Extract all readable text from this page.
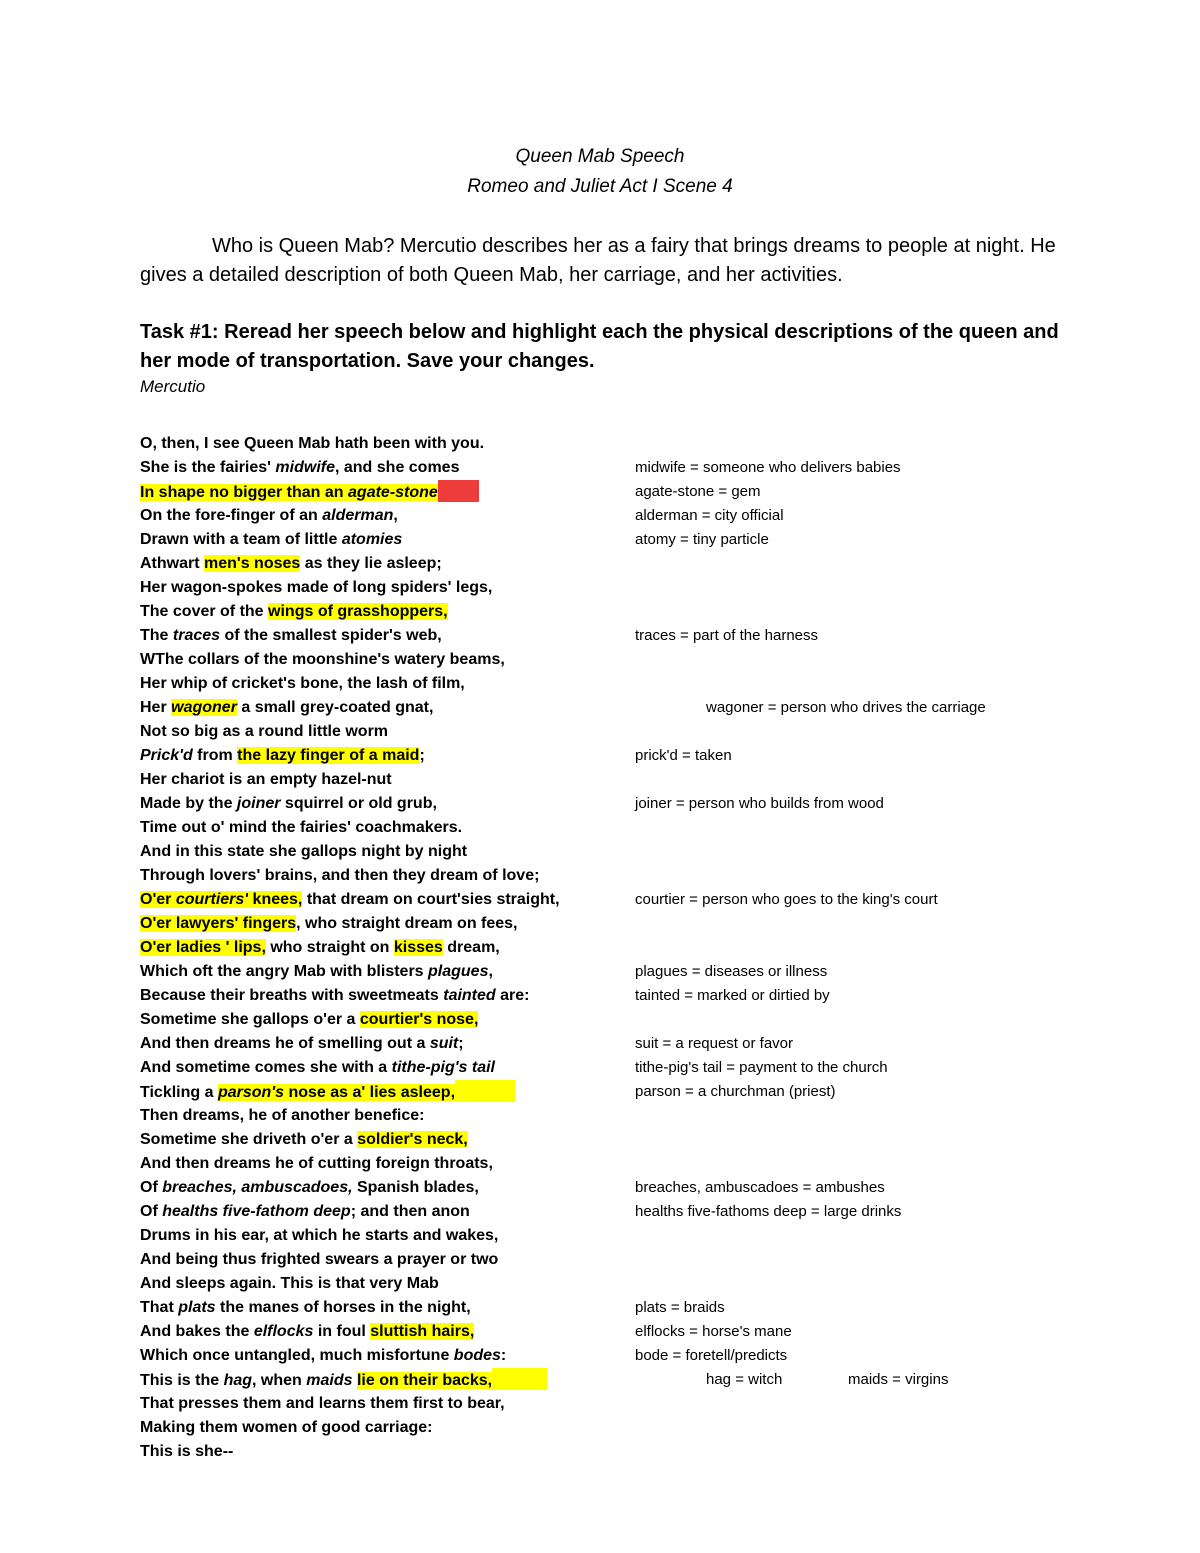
Queen Mab Speech
Romeo and Juliet Act I Scene 4
Who is Queen Mab? Mercutio describes her as a fairy that brings dreams to people at night. He gives a detailed description of both Queen Mab, her carriage, and her activities.
Task #1: Reread her speech below and highlight each the physical descriptions of the queen and her mode of transportation. Save your changes.
Mercutio
O, then, I see Queen Mab hath been with you.
She is the fairies' midwife, and she comes
In shape no bigger than an agate-stone
On the fore-finger of an alderman,
Drawn with a team of little atomies
Athwart men's noses as they lie asleep;
Her wagon-spokes made of long spiders' legs,
The cover of the wings of grasshoppers,
The traces of the smallest spider's web,
WThe collars of the moonshine's watery beams,
Her whip of cricket's bone, the lash of film,
Her wagoner a small grey-coated gnat,
Not so big as a round little worm
Prick'd from the lazy finger of a maid;
Her chariot is an empty hazel-nut
Made by the joiner squirrel or old grub,
Time out o' mind the fairies' coachmakers.
And in this state she gallops night by night
Through lovers' brains, and then they dream of love;
O'er courtiers' knees, that dream on court'sies straight,
O'er lawyers' fingers, who straight dream on fees,
O'er ladies ' lips, who straight on kisses dream,
Which oft the angry Mab with blisters plagues,
Because their breaths with sweetmeats tainted are:
Sometime she gallops o'er a courtier's nose,
And then dreams he of smelling out a suit;
And sometime comes she with a tithe-pig's tail
Tickling a parson's nose as a' lies asleep,
Then dreams, he of another benefice:
Sometime she driveth o'er a soldier's neck,
And then dreams he of cutting foreign throats,
Of breaches, ambuscadoes, Spanish blades,
Of healths five-fathom deep; and then anon
Drums in his ear, at which he starts and wakes,
And being thus frighted swears a prayer or two
And sleeps again. This is that very Mab
That plats the manes of horses in the night,
And bakes the elflocks in foul sluttish hairs,
Which once untangled, much misfortune bodes:
This is the hag, when maids lie on their backs,
That presses them and learns them first to bear,
Making them women of good carriage:
This is she--
midwife = someone who delivers babies
agate-stone = gem
alderman = city official
atomy = tiny particle
traces = part of the harness
wagoner = person who drives the carriage
prick'd = taken
joiner = person who builds from wood
courtier = person who goes to the king's court
plagues = diseases or illness
tainted = marked or dirtied by
suit = a request or favor
tithe-pig's tail = payment to the church
parson = a churchman (priest)
breaches, ambuscadoes = ambushes
healths five-fathoms deep = large drinks
plats = braids
elflocks = horse's mane
bode = foretell/predicts
hag = witch	maids = virgins
